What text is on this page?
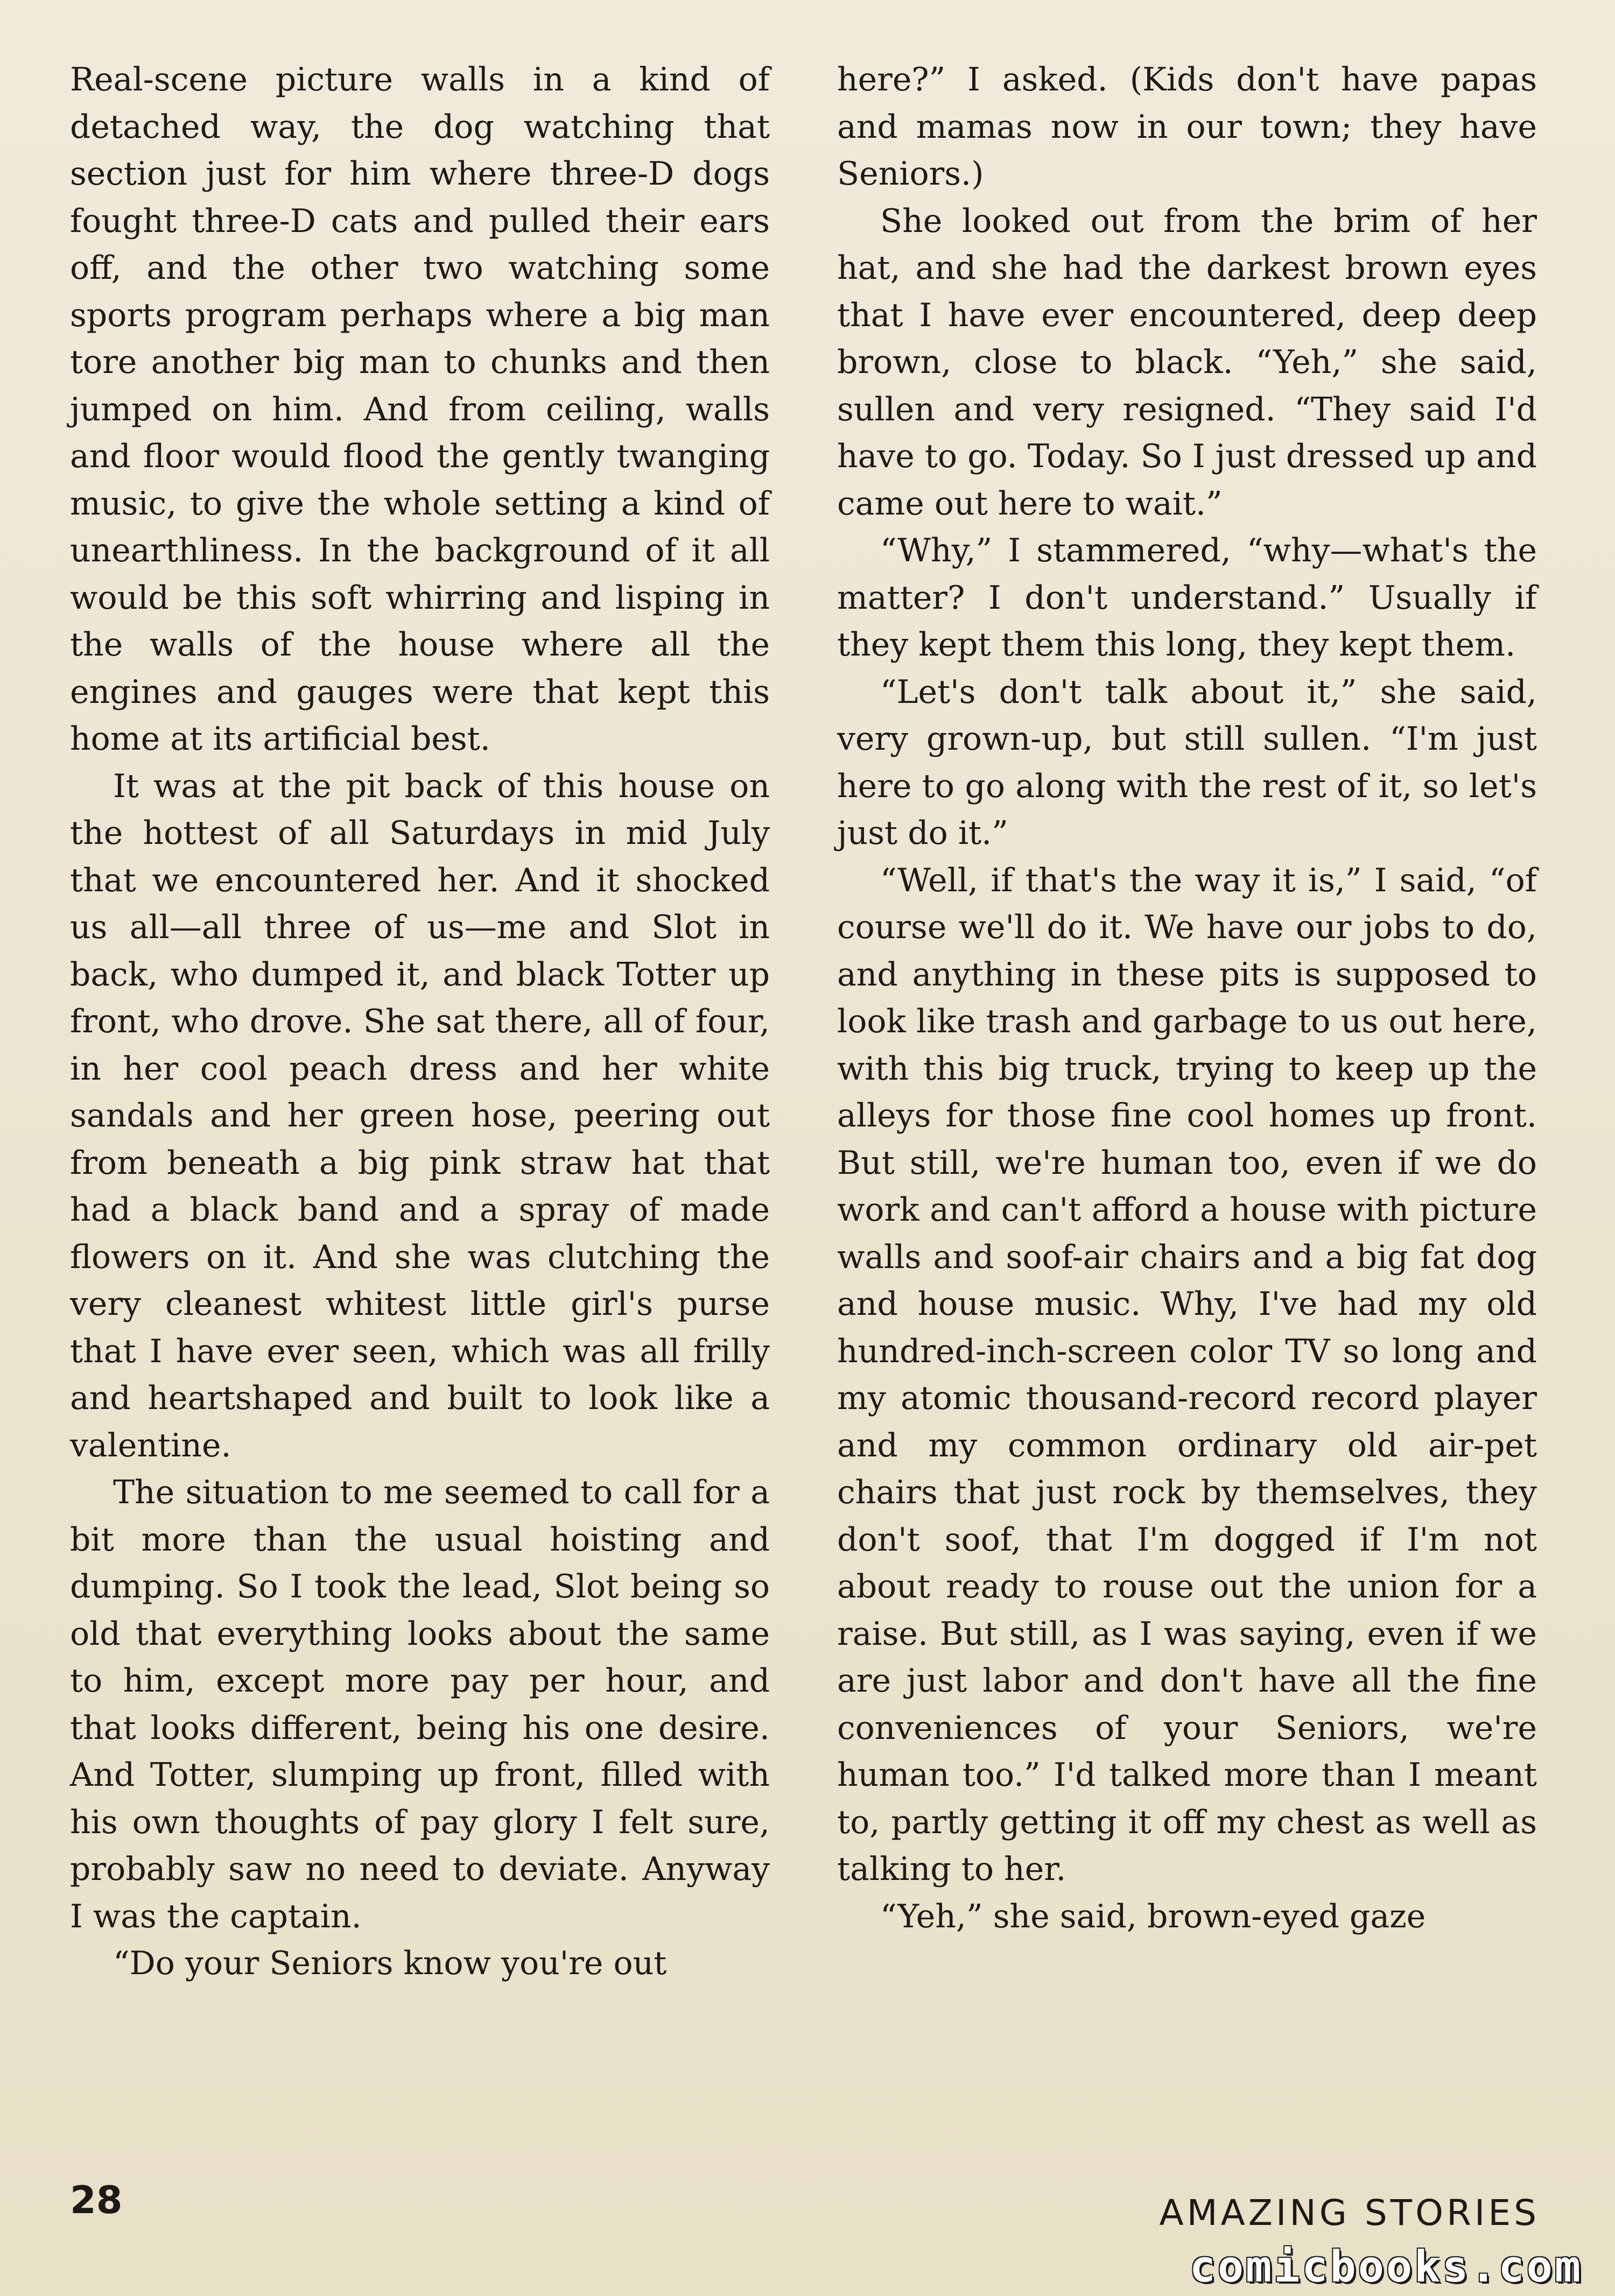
Real-scene picture walls in a kind of detached way, the dog watching that section just for him where three-D dogs fought three-D cats and pulled their ears off, and the other two watching some sports program perhaps where a big man tore another big man to chunks and then jumped on him. And from ceiling, walls and floor would flood the gently twanging music, to give the whole setting a kind of unearthliness. In the background of it all would be this soft whirring and lisping in the walls of the house where all the engines and gauges were that kept this home at its artificial best.

It was at the pit back of this house on the hottest of all Saturdays in mid July that we encountered her. And it shocked us all—all three of us—me and Slot in back, who dumped it, and black Totter up front, who drove. She sat there, all of four, in her cool peach dress and her white sandals and her green hose, peering out from beneath a big pink straw hat that had a black band and a spray of made flowers on it. And she was clutching the very cleanest whitest little girl's purse that I have ever seen, which was all frilly and heartshaped and built to look like a valentine.

The situation to me seemed to call for a bit more than the usual hoisting and dumping. So I took the lead, Slot being so old that everything looks about the same to him, except more pay per hour, and that looks different, being his one desire. And Totter, slumping up front, filled with his own thoughts of pay glory I felt sure, probably saw no need to deviate. Anyway I was the captain.

“Do your Seniors know you're out

here?” I asked. (Kids don't have papas and mamas now in our town; they have Seniors.)

She looked out from the brim of her hat, and she had the darkest brown eyes that I have ever encountered, deep deep brown, close to black. “Yeh,” she said, sullen and very resigned. “They said I'd have to go. Today. So I just dressed up and came out here to wait.”

“Why,” I stammered, “why—what's the matter? I don't understand.” Usually if they kept them this long, they kept them.

“Let's don't talk about it,” she said, very grown-up, but still sullen. “I'm just here to go along with the rest of it, so let's just do it.”

“Well, if that's the way it is,” I said, “of course we'll do it. We have our jobs to do, and anything in these pits is supposed to look like trash and garbage to us out here, with this big truck, trying to keep up the alleys for those fine cool homes up front. But still, we're human too, even if we do work and can't afford a house with picture walls and soof-air chairs and a big fat dog and house music. Why, I've had my old hundred-inch-screen color TV so long and my atomic thousand-record record player and my common ordinary old air-pet chairs that just rock by themselves, they don't soof, that I'm dogged if I'm not about ready to rouse out the union for a raise. But still, as I was saying, even if we are just labor and don't have all the fine conveniences of your Seniors, we're human too.” I'd talked more than I meant to, partly getting it off my chest as well as talking to her.

“Yeh,” she said, brown-eyed gaze

28	AMAZING STORIES
comicbooks.com
